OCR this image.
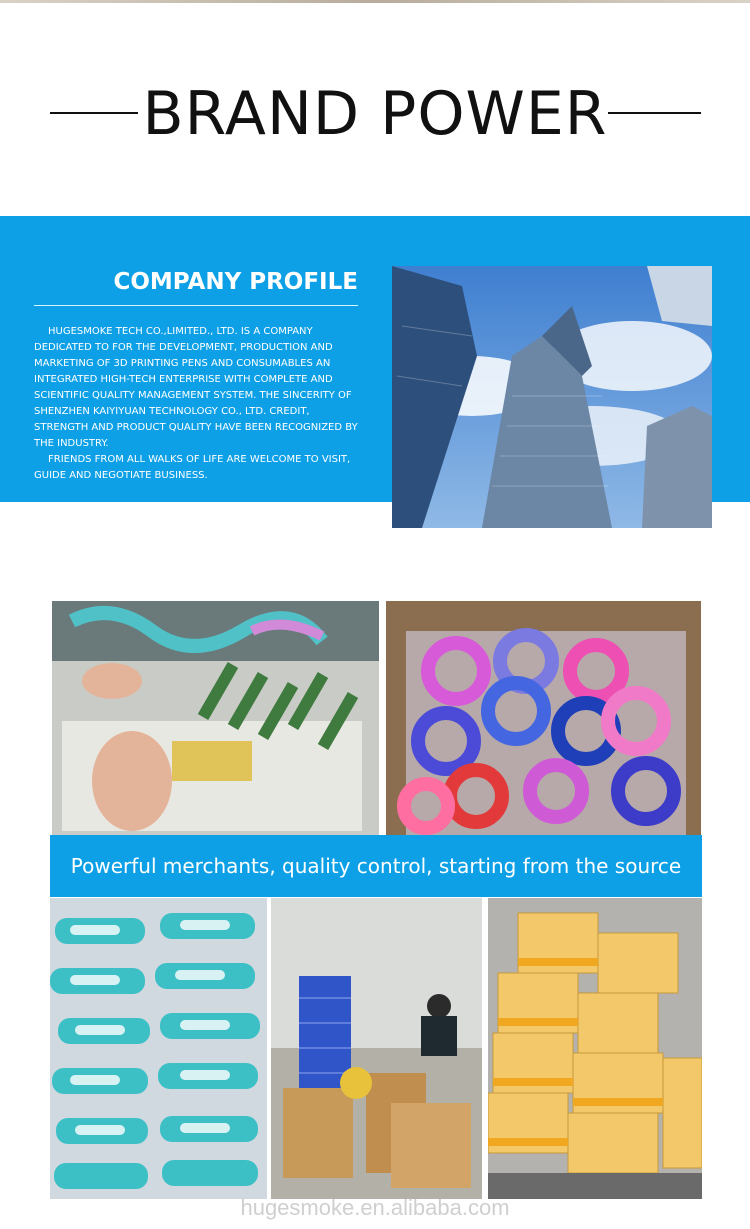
BRAND POWER
COMPANY PROFILE

HUGESMOKE TECH CO.,LIMITED., LTD. IS A COMPANY DEDICATED TO FOR THE DEVELOPMENT, PRODUCTION AND MARKETING OF 3D PRINTING PENS AND CONSUMABLES AN INTEGRATED HIGH-TECH ENTERPRISE WITH COMPLETE AND SCIENTIFIC QUALITY MANAGEMENT SYSTEM. THE SINCERITY OF SHENZHEN KAIYIYUAN TECHNOLOGY CO., LTD. CREDIT, STRENGTH AND PRODUCT QUALITY HAVE BEEN RECOGNIZED BY THE INDUSTRY.

FRIENDS FROM ALL WALKS OF LIFE ARE WELCOME TO VISIT, GUIDE AND NEGOTIATE BUSINESS.

Powerful merchants, quality control, starting from the source
hugesmoke.en.alibaba.com
